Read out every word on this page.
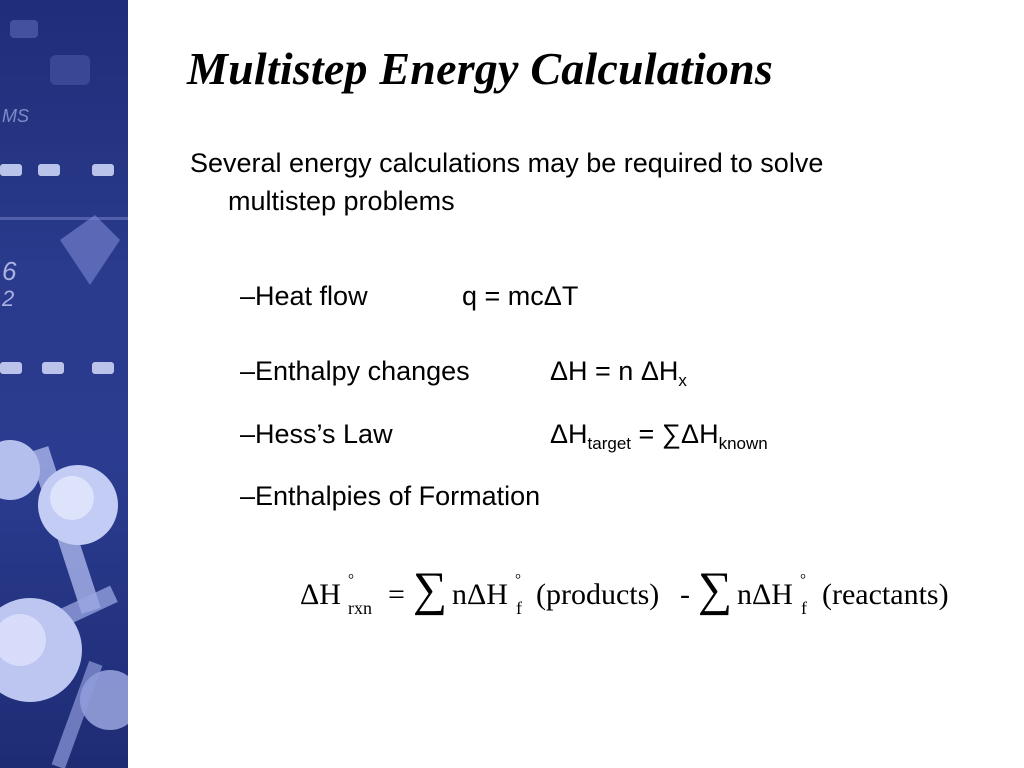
MS
6
2
Multistep Energy Calculations
Several energy calculations may be required to solve
multistep problems
–Heat flow	q = mcΔT
–Enthalpy changes	ΔH = n $\Delta H_x$
–Hess’s Law	$\Delta H_{target} = \sum\Delta H_{known}$
–Enthalpies of Formation
ΔH °
rxn = ∑ nΔH °
f (products) - ∑ nΔH °
f (reactants)
